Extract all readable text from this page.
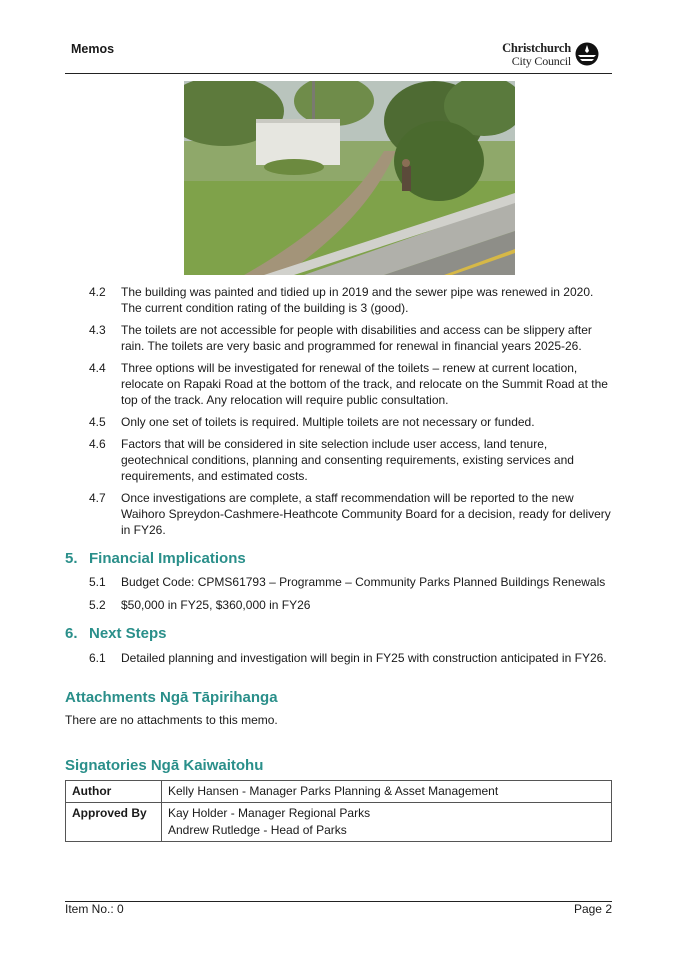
Memos	Christchurch
City Council
4.2 The building was painted and tidied up in 2019 and the sewer pipe was renewed in 2020. The current condition rating of the building is 3 (good).
4.3 The toilets are not accessible for people with disabilities and access can be slippery after rain. The toilets are very basic and programmed for renewal in financial years 2025-26.
4.4 Three options will be investigated for renewal of the toilets – renew at current location, relocate on Rapaki Road at the bottom of the track, and relocate on the Summit Road at the top of the track. Any relocation will require public consultation.
4.5 Only one set of toilets is required. Multiple toilets are not necessary or funded.
4.6 Factors that will be considered in site selection include user access, land tenure, geotechnical conditions, planning and consenting requirements, existing services and requirements, and estimated costs.
4.7 Once investigations are complete, a staff recommendation will be reported to the new Waihoro Spreydon-Cashmere-Heathcote Community Board for a decision, ready for delivery in FY26.
5. Financial Implications
5.1 Budget Code: CPMS61793 – Programme – Community Parks Planned Buildings Renewals
5.2 $50,000 in FY25, $360,000 in FY26
6. Next Steps
6.1 Detailed planning and investigation will begin in FY25 with construction anticipated in FY26.
Attachments Ngā Tāpirihanga
There are no attachments to this memo.
Signatories Ngā Kaiwaitohu
Author	Kelly Hansen - Manager Parks Planning & Asset Management
Approved By	Kay Holder - Manager Regional Parks
Andrew Rutledge - Head of Parks
Item No.: 0	Page 2
